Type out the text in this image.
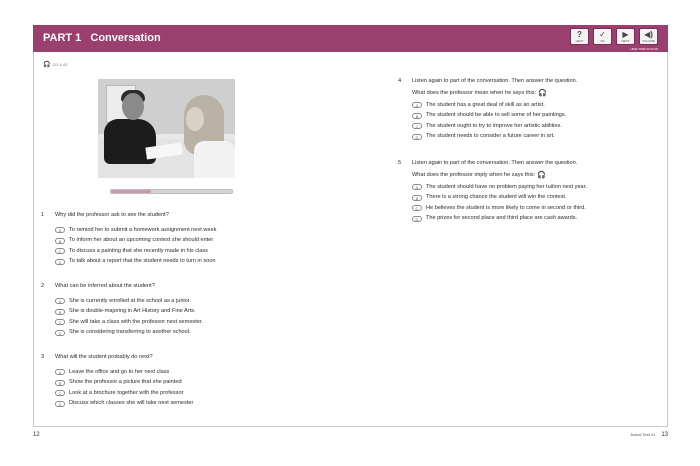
PART 1 Conversation	?
HELP
✓
OK
▶
NEXT
◀)
VOLUME
HIDE TIME 00:10:00
🎧 CD 4-43
1	Why did the professor ask to see the student?
A	To remind her to submit a homework assignment next week
B	To inform her about an upcoming contest she should enter
C	To discuss a painting that she recently made in his class
D	To talk about a report that the student needs to turn in soon
2	What can be inferred about the student?
A	She is currently enrolled at the school as a junior.
B	She is double-majoring in Art History and Fine Arts.
C	She will take a class with the professor next semester.
D	She is considering transferring to another school.
3	What will the student probably do next?
A	Leave the office and go to her next class
B	Show the professor a picture that she painted
C	Look at a brochure together with the professor
D	Discuss which classes she will take next semester
4	Listen again to part of the conversation. Then answer the question.
What does the professor mean when he says this: 🎧
A	The student has a great deal of skill as an artist.
B	The student should be able to sell some of her paintings.
C	The student ought to try to improve her artistic abilities.
D	The student needs to consider a future career in art.
5	Listen again to part of the conversation. Then answer the question.
What does the professor imply when he says this: 🎧
A	The student should have no problem paying her tuition next year.
B	There is a strong chance the student will win the contest.
C	He believes the student is more likely to come in second or third.
D	The prizes for second place and third place are cash awards.
12	Actual Test 01 13
